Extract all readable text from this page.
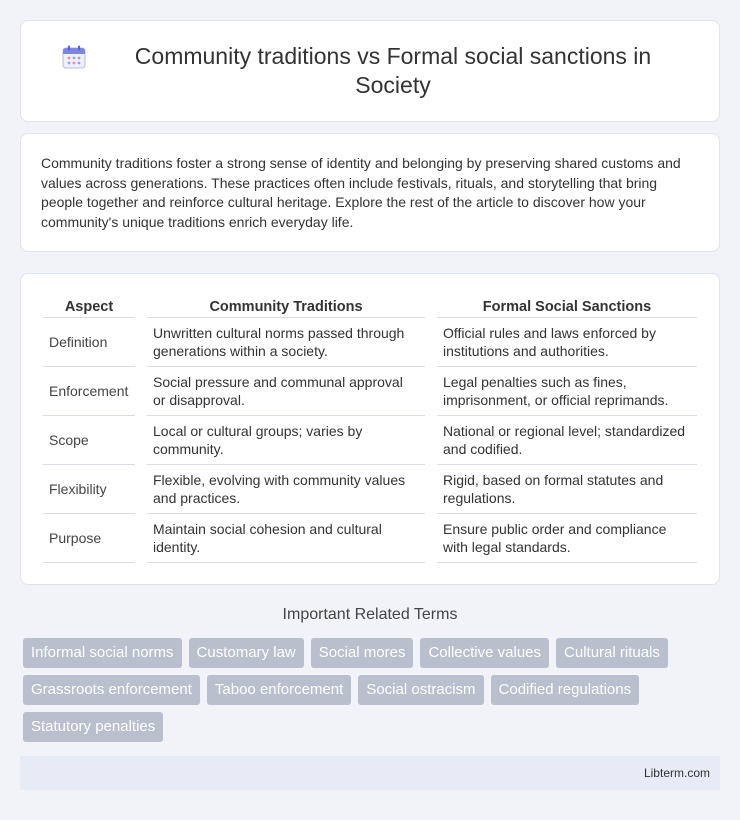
Community traditions vs Formal social sanctions in Society

Community traditions foster a strong sense of identity and belonging by preserving shared customs and values across generations. These practices often include festivals, rituals, and storytelling that bring people together and reinforce cultural heritage. Explore the rest of the article to discover how your community's unique traditions enrich everyday life.

Aspect		Community Traditions		Formal Social Sanctions
Definition		Unwritten cultural norms passed through generations within a society.		Official rules and laws enforced by institutions and authorities.
Enforcement		Social pressure and communal approval or disapproval.		Legal penalties such as fines, imprisonment, or official reprimands.
Scope		Local or cultural groups; varies by community.		National or regional level; standardized and codified.
Flexibility		Flexible, evolving with community values and practices.		Rigid, based on formal statutes and regulations.
Purpose		Maintain social cohesion and cultural identity.		Ensure public order and compliance with legal standards.
Important Related Terms
Informal social norms	Customary law	Social mores	Collective values	Cultural rituals
Grassroots enforcement	Taboo enforcement	Social ostracism	Codified regulations
Statutory penalties
Libterm.com
